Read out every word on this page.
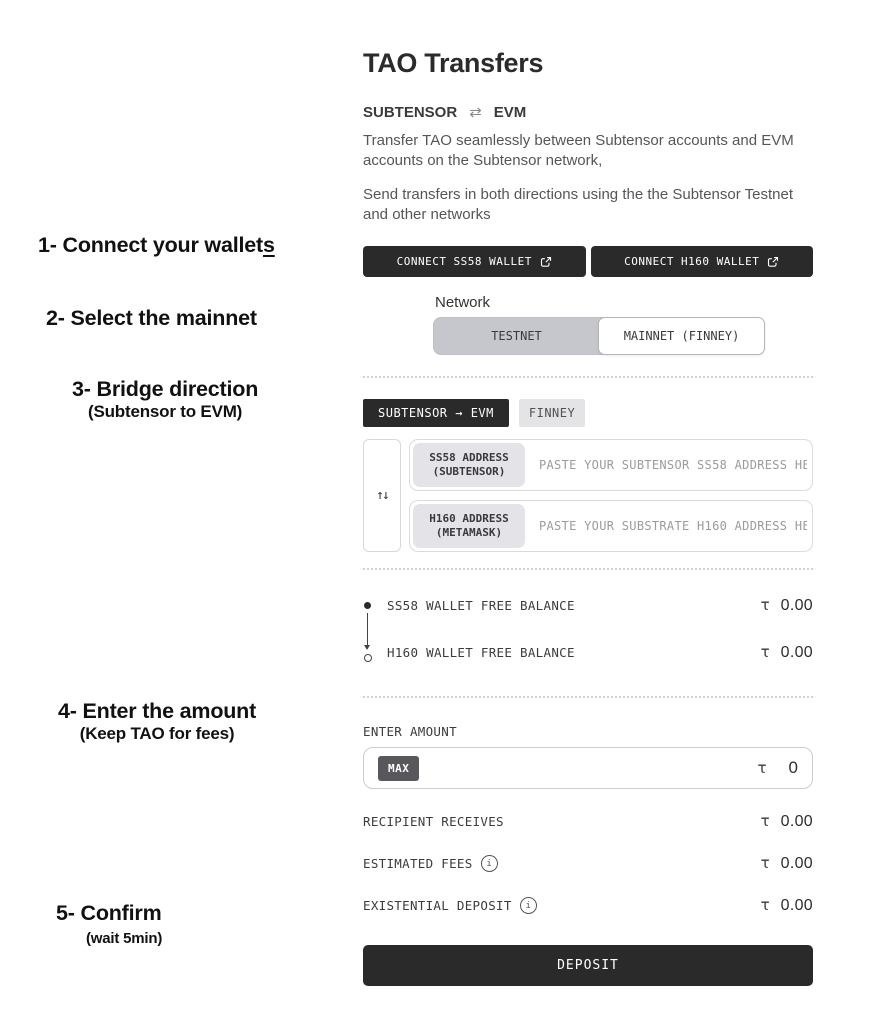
1- Connect your wallets
2- Select the mainnet
3- Bridge direction
(Subtensor to EVM)
4- Enter the amount
(Keep TAO for fees)
5- Confirm
(wait 5min)
TAO Transfers
SUBTENSOR ⇄ EVM
Transfer TAO seamlessly between Subtensor accounts and EVM accounts on the Subtensor network,
Send transfers in both directions using the the Subtensor Testnet and other networks
CONNECT SS58 WALLET	CONNECT H160 WALLET
Network
TESTNET	MAINNET (FINNEY)
SUBTENSOR → EVM	FINNEY
↑↓
SS58 ADDRESS
(SUBTENSOR)
PASTE YOUR SUBTENSOR SS58 ADDRESS HERE
H160 ADDRESS
(METAMASK)
PASTE YOUR SUBSTRATE H160 ADDRESS HERE
SS58 WALLET FREE BALANCE	τ 0.00
H160 WALLET FREE BALANCE	τ 0.00
ENTER AMOUNT
MAX	τ 0
RECIPIENT RECEIVES	τ 0.00
ESTIMATED FEES	i	τ 0.00
EXISTENTIAL DEPOSIT	i	τ 0.00
DEPOSIT
